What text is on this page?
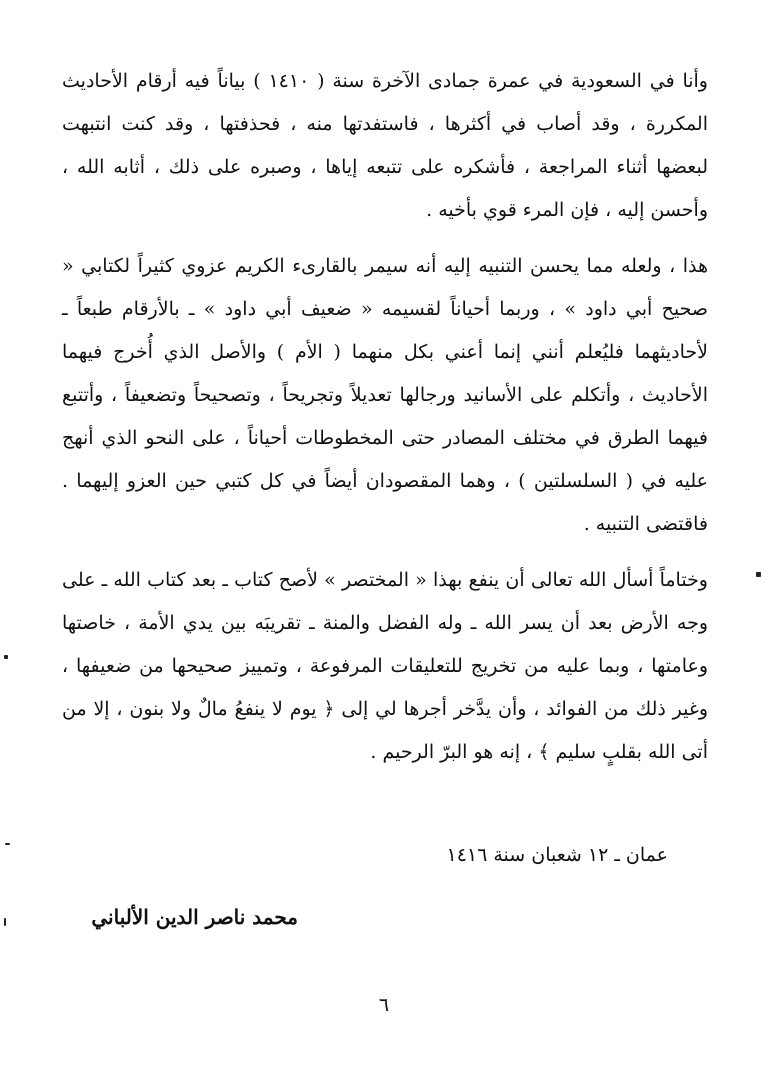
وأنا في السعودية في عمرة جمادى الآخرة سنة ( ١٤١٠ ) بياناً فيه أرقام الأحاديث المكررة ، وقد أصاب في أكثرها ، فاستفدتها منه ، فحذفتها ، وقد كنت انتبهت لبعضها أثناء المراجعة ، فأشكره على تتبعه إياها ، وصبره على ذلك ، أثابه الله ، وأحسن إليه ، فإن المرء قوي بأخيه .

هذا ، ولعله مما يحسن التنبيه إليه أنه سيمر بالقارىء الكريم عزوي كثيراً لكتابي « صحيح أبي داود » ، وربما أحياناً لقسيمه « ضعيف أبي داود » ـ بالأرقام طبعاً ـ لأحاديثهما فليُعلم أنني إنما أعني بكل منهما ( الأم ) والأصل الذي أُخرج فيهما الأحاديث ، وأتكلم على الأسانيد ورجالها تعديلاً وتجريحاً ، وتصحيحاً وتضعيفاً ، وأتتبع فيهما الطرق في مختلف المصادر حتى المخطوطات أحياناً ، على النحو الذي أنهج عليه في ( السلسلتين ) ، وهما المقصودان أيضاً في كل كتبي حين العزو إليهما . فاقتضى التنبيه .

وختاماً أسأل الله تعالى أن ينفع بهذا « المختصر » لأصح كتاب ـ بعد كتاب الله ـ على وجه الأرض بعد أن يسر الله ـ وله الفضل والمنة ـ تقريبَه بين يدي الأمة ، خاصتها وعامتها ، وبما عليه من تخريج للتعليقات المرفوعة ، وتمييز صحيحها من ضعيفها ، وغير ذلك من الفوائد ، وأن يدَّخر أجرها لي إلى ﴿ يوم لا ينفعُ مالٌ ولا بنون ، إلا من أتى الله بقلبٍ سليم ﴾ ، إنه هو البرّ الرحيم .

عمان ـ ١٢ شعبان سنة ١٤١٦
محمد ناصر الدين الألباني
٦
